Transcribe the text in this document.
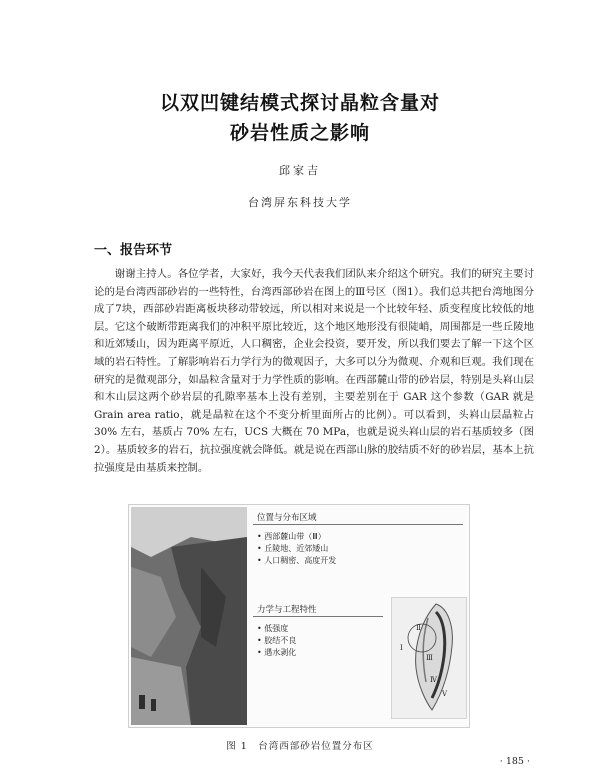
以双凹键结模式探讨晶粒含量对
砂岩性质之影响
邱家吉
台湾屏东科技大学
一、报告环节

谢谢主持人。各位学者，大家好，我今天代表我们团队来介绍这个研究。我们的研究主要讨论的是台湾西部砂岩的一些特性，台湾西部砂岩在图上的Ⅲ号区（图1）。我们总共把台湾地图分成了7块，西部砂岩距离板块移动带较远，所以相对来说是一个比较年轻、质变程度比较低的地层。它这个破断带距离我们的冲积平原比较近，这个地区地形没有很陡峭，周围都是一些丘陵地和近郊矮山，因为距离平原近，人口稠密，企业会投资，要开发，所以我们要去了解一下这个区域的岩石特性。了解影响岩石力学行为的微观因子，大多可以分为微观、介观和巨观。我们现在研究的是微观部分，如晶粒含量对于力学性质的影响。在西部麓山带的砂岩层，特别是头嵙山层和木山层这两个砂岩层的孔隙率基本上没有差别，主要差别在于 GAR 这个参数（GAR 就是 Grain area ratio，就是晶粒在这个不变分析里面所占的比例）。可以看到，头嵙山层晶粒占 30% 左右，基质占 70% 左右，UCS 大概在 70 MPa，也就是说头嵙山层的岩石基质较多（图2）。基质较多的岩石，抗拉强度就会降低。就是说在西部山脉的胶结质不好的砂岩层，基本上抗拉强度是由基质来控制。

位置与分布区域
• 西部麓山带（Ⅲ）
• 丘陵地、近郊矮山
• 人口稠密、高度开发
力学与工程特性
• 低强度
• 胶结不良
• 遇水剥化	Ⅰ
Ⅱ
Ⅲ
Ⅳ
Ⅴ
图 1　台湾西部砂岩位置分布区
· 185 ·
